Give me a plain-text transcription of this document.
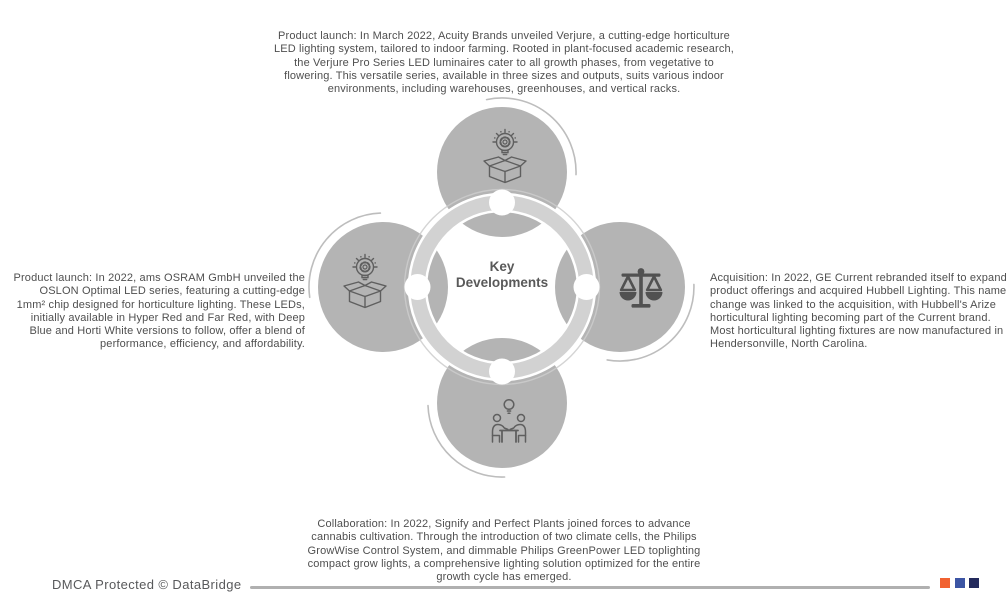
Product launch: In March 2022, Acuity Brands unveiled Verjure, a cutting-edge horticulture LED lighting system, tailored to indoor farming. Rooted in plant-focused academic research, the Verjure Pro Series LED luminaires cater to all growth phases, from vegetative to flowering. This versatile series, available in three sizes and outputs, suits various indoor environments, including warehouses, greenhouses, and vertical racks.

Product launch: In 2022, ams OSRAM GmbH unveiled the OSLON Optimal LED series, featuring a cutting-edge 1mm² chip designed for horticulture lighting. These LEDs, initially available in Hyper Red and Far Red, with Deep Blue and Horti White versions to follow, offer a blend of performance, efficiency, and affordability.

Acquisition: In 2022, GE Current rebranded itself to expand product offerings and acquired Hubbell Lighting. This name change was linked to the acquisition, with Hubbell's Arize horticultural lighting becoming part of the Current brand. Most horticultural lighting fixtures are now manufactured in Hendersonville, North Carolina.

Collaboration: In 2022, Signify and Perfect Plants joined forces to advance cannabis cultivation. Through the introduction of two climate cells, the Philips GrowWise Control System, and dimmable Philips GreenPower LED toplighting compact grow lights, a comprehensive lighting solution optimized for the entire growth cycle has emerged.

Key Developments
DMCA Protected © DataBridge
